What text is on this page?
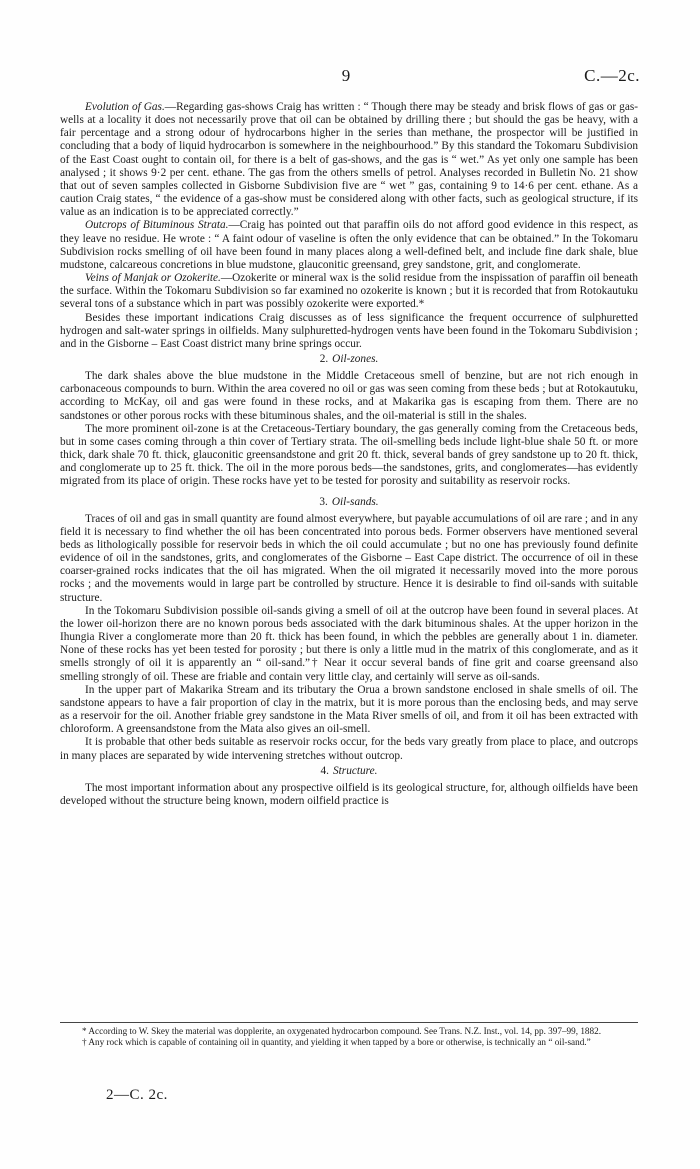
9	C.—2c.

Evolution of Gas.—Regarding gas-shows Craig has written : “ Though there may be steady and brisk flows of gas or gas-wells at a locality it does not necessarily prove that oil can be obtained by drilling there ; but should the gas be heavy, with a fair percentage and a strong odour of hydrocarbons higher in the series than methane, the prospector will be justified in concluding that a body of liquid hydrocarbon is somewhere in the neighbourhood.” By this standard the Tokomaru Subdivision of the East Coast ought to contain oil, for there is a belt of gas-shows, and the gas is “ wet.” As yet only one sample has been analysed ; it shows 9·2 per cent. ethane. The gas from the others smells of petrol. Analyses recorded in Bulletin No. 21 show that out of seven samples collected in Gisborne Subdivision five are “ wet ” gas, containing 9 to 14·6 per cent. ethane. As a caution Craig states, “ the evidence of a gas-show must be considered along with other facts, such as geological structure, if its value as an indication is to be appreciated correctly.”

Outcrops of Bituminous Strata.—Craig has pointed out that paraffin oils do not afford good evidence in this respect, as they leave no residue. He wrote : “ A faint odour of vaseline is often the only evidence that can be obtained.” In the Tokomaru Subdivision rocks smelling of oil have been found in many places along a well-defined belt, and include fine dark shale, blue mudstone, calcareous concretions in blue mudstone, glauconitic greensand, grey sandstone, grit, and conglomerate.

Veins of Manjak or Ozokerite.—Ozokerite or mineral wax is the solid residue from the inspissation of paraffin oil beneath the surface. Within the Tokomaru Subdivision so far examined no ozokerite is known ; but it is recorded that from Rotokautuku several tons of a substance which in part was possibly ozokerite were exported.*

Besides these important indications Craig discusses as of less significance the frequent occurrence of sulphuretted hydrogen and salt-water springs in oilfields. Many sulphuretted-hydrogen vents have been found in the Tokomaru Subdivision ; and in the Gisborne – East Coast district many brine springs occur.

2. Oil-zones.

The dark shales above the blue mudstone in the Middle Cretaceous smell of benzine, but are not rich enough in carbonaceous compounds to burn. Within the area covered no oil or gas was seen coming from these beds ; but at Rotokautuku, according to McKay, oil and gas were found in these rocks, and at Makarika gas is escaping from them. There are no sandstones or other porous rocks with these bituminous shales, and the oil-material is still in the shales.

The more prominent oil-zone is at the Cretaceous-Tertiary boundary, the gas generally coming from the Cretaceous beds, but in some cases coming through a thin cover of Tertiary strata. The oil-smelling beds include light-blue shale 50 ft. or more thick, dark shale 70 ft. thick, glauconitic greensandstone and grit 20 ft. thick, several bands of grey sandstone up to 20 ft. thick, and conglomerate up to 25 ft. thick. The oil in the more porous beds—the sandstones, grits, and conglomerates—has evidently migrated from its place of origin. These rocks have yet to be tested for porosity and suitability as reservoir rocks.

3. Oil-sands.

Traces of oil and gas in small quantity are found almost everywhere, but payable accumulations of oil are rare ; and in any field it is necessary to find whether the oil has been concentrated into porous beds. Former observers have mentioned several beds as lithologically possible for reservoir beds in which the oil could accumulate ; but no one has previously found definite evidence of oil in the sandstones, grits, and conglomerates of the Gisborne – East Cape district. The occurrence of oil in these coarser-grained rocks indicates that the oil has migrated. When the oil migrated it necessarily moved into the more porous rocks ; and the movements would in large part be controlled by structure. Hence it is desirable to find oil-sands with suitable structure.

In the Tokomaru Subdivision possible oil-sands giving a smell of oil at the outcrop have been found in several places. At the lower oil-horizon there are no known porous beds associated with the dark bituminous shales. At the upper horizon in the Ihungia River a conglomerate more than 20 ft. thick has been found, in which the pebbles are generally about 1 in. diameter. None of these rocks has yet been tested for porosity ; but there is only a little mud in the matrix of this conglomerate, and as it smells strongly of oil it is apparently an “ oil-sand.”† Near it occur several bands of fine grit and coarse greensand also smelling strongly of oil. These are friable and contain very little clay, and certainly will serve as oil-sands.

In the upper part of Makarika Stream and its tributary the Orua a brown sandstone enclosed in shale smells of oil. The sandstone appears to have a fair proportion of clay in the matrix, but it is more porous than the enclosing beds, and may serve as a reservoir for the oil. Another friable grey sandstone in the Mata River smells of oil, and from it oil has been extracted with chloroform. A greensandstone from the Mata also gives an oil-smell.

It is probable that other beds suitable as reservoir rocks occur, for the beds vary greatly from place to place, and outcrops in many places are separated by wide intervening stretches without outcrop.

4. Structure.

The most important information about any prospective oilfield is its geological structure, for, although oilfields have been developed without the structure being known, modern oilfield practice is

* According to W. Skey the material was dopplerite, an oxygenated hydrocarbon compound. See Trans. N.Z. Inst., vol. 14, pp. 397–99, 1882.

† Any rock which is capable of containing oil in quantity, and yielding it when tapped by a bore or otherwise, is technically an “ oil-sand.”

2—C. 2c.
